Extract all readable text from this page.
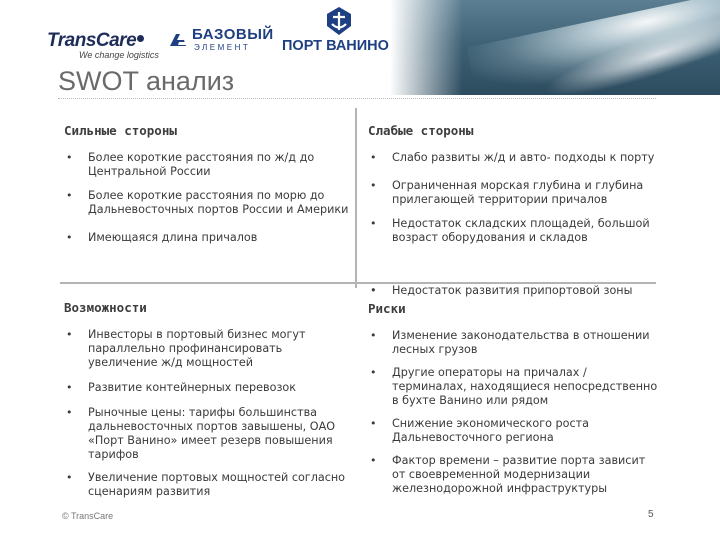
TransCare
We change logistics
БАЗОВЫЙ
ЭЛЕМЕНТ ПОРТ ВАНИНО
SWOT анализ
Сильные стороны
• Более короткие расстояния по ж/д до Центральной России
• Более короткие расстояния по морю до Дальневосточных портов России и Америки
• Имеющаяся длина причалов
Слабые стороны
• Слабо развиты ж/д и авто- подходы к порту
• Ограниченная морская глубина и глубина прилегающей территории причалов
• Недостаток складских площадей, большой возраст оборудования и складов
• Недостаток развития припортовой зоны
Возможности
• Инвесторы в портовый бизнес могут параллельно профинансировать увеличение ж/д мощностей
• Развитие контейнерных перевозок
• Рыночные цены: тарифы большинства дальневосточных портов завышены, ОАО «Порт Ванино» имеет резерв повышения тарифов
• Увеличение портовых мощностей согласно сценариям развития
Риски
• Изменение законодательства в отношении лесных грузов
• Другие операторы на причалах / терминалах, находящиеся непосредственно в бухте Ванино или рядом
• Снижение экономического роста Дальневосточного региона
• Фактор времени – развитие порта зависит от своевременной модернизации железнодорожной инфраструктуры
© TransCare	5
